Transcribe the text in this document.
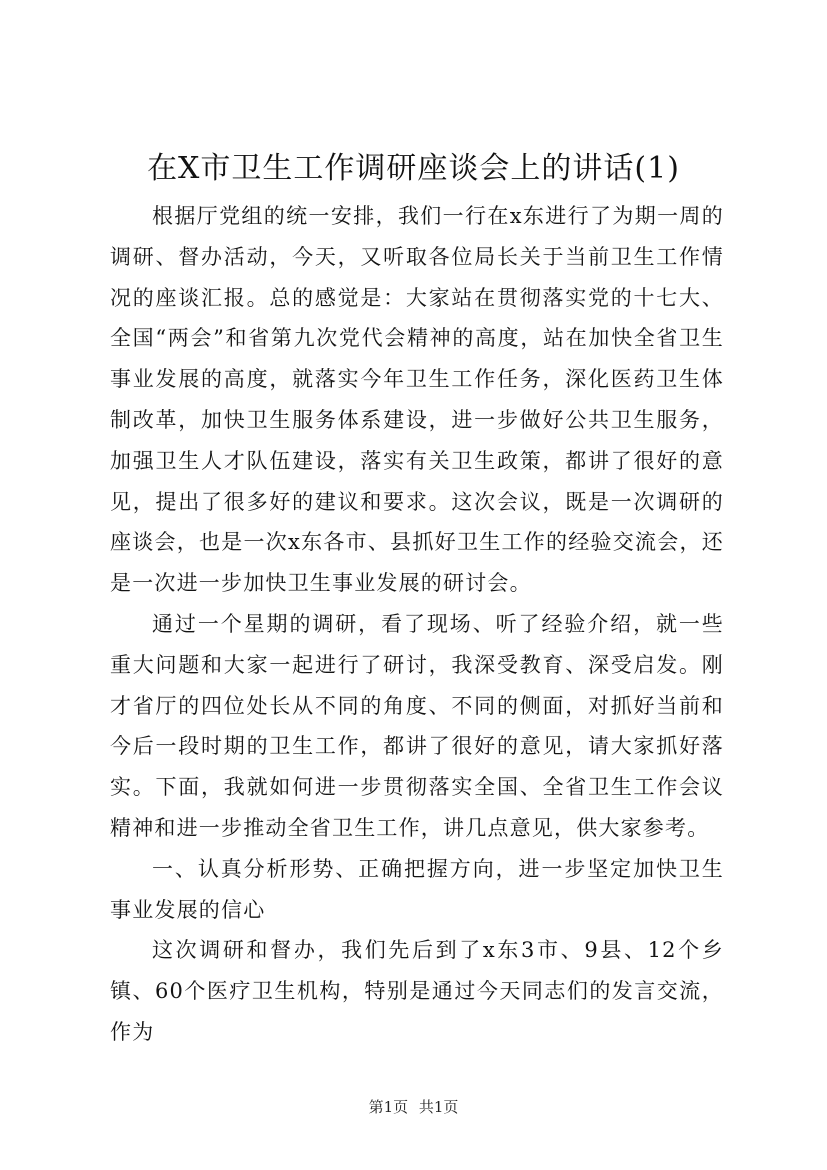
在X市卫生工作调研座谈会上的讲话(1)

根据厅党组的统一安排，我们一行在x东进行了为期一周的调研、督办活动，今天，又听取各位局长关于当前卫生工作情况的座谈汇报。总的感觉是：大家站在贯彻落实党的十七大、全国“两会”和省第九次党代会精神的高度，站在加快全省卫生事业发展的高度，就落实今年卫生工作任务，深化医药卫生体制改革，加快卫生服务体系建设，进一步做好公共卫生服务，加强卫生人才队伍建设，落实有关卫生政策，都讲了很好的意见，提出了很多好的建议和要求。这次会议，既是一次调研的座谈会，也是一次x东各市、县抓好卫生工作的经验交流会，还是一次进一步加快卫生事业发展的研讨会。

通过一个星期的调研，看了现场、听了经验介绍，就一些重大问题和大家一起进行了研讨，我深受教育、深受启发。刚才省厅的四位处长从不同的角度、不同的侧面，对抓好当前和今后一段时期的卫生工作，都讲了很好的意见，请大家抓好落实。下面，我就如何进一步贯彻落实全国、全省卫生工作会议精神和进一步推动全省卫生工作，讲几点意见，供大家参考。

一、认真分析形势、正确把握方向，进一步坚定加快卫生事业发展的信心

这次调研和督办，我们先后到了x东3市、9县、12个乡镇、60个医疗卫生机构，特别是通过今天同志们的发言交流，作为

第1页 共1页
